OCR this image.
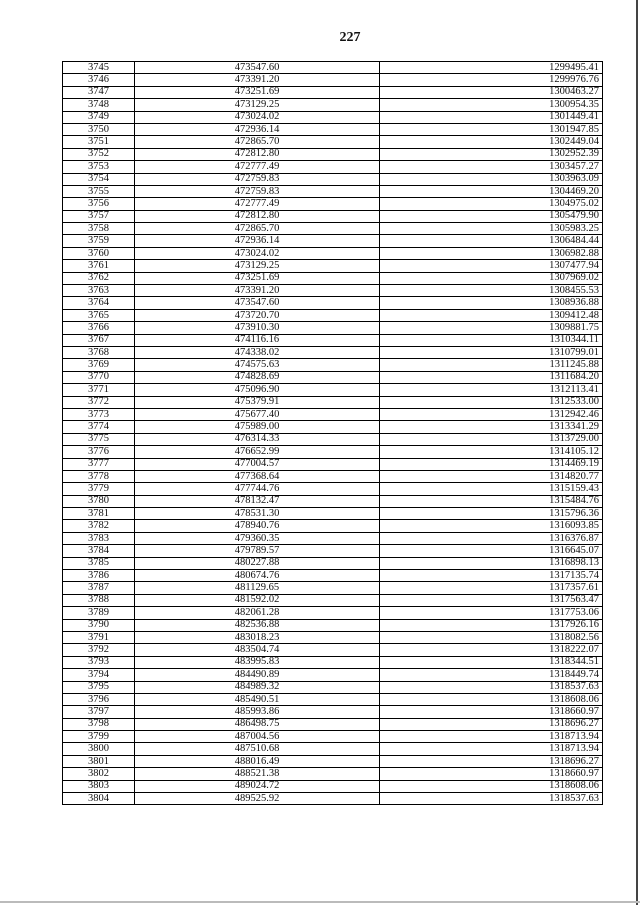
227
3745	473547.60	1299495.41
3746	473391.20	1299976.76
3747	473251.69	1300463.27
3748	473129.25	1300954.35
3749	473024.02	1301449.41
3750	472936.14	1301947.85
3751	472865.70	1302449.04
3752	472812.80	1302952.39
3753	472777.49	1303457.27
3754	472759.83	1303963.09
3755	472759.83	1304469.20
3756	472777.49	1304975.02
3757	472812.80	1305479.90
3758	472865.70	1305983.25
3759	472936.14	1306484.44
3760	473024.02	1306982.88
3761	473129.25	1307477.94
3762	473251.69	1307969.02
3763	473391.20	1308455.53
3764	473547.60	1308936.88
3765	473720.70	1309412.48
3766	473910.30	1309881.75
3767	474116.16	1310344.11
3768	474338.02	1310799.01
3769	474575.63	1311245.88
3770	474828.69	1311684.20
3771	475096.90	1312113.41
3772	475379.91	1312533.00
3773	475677.40	1312942.46
3774	475989.00	1313341.29
3775	476314.33	1313729.00
3776	476652.99	1314105.12
3777	477004.57	1314469.19
3778	477368.64	1314820.77
3779	477744.76	1315159.43
3780	478132.47	1315484.76
3781	478531.30	1315796.36
3782	478940.76	1316093.85
3783	479360.35	1316376.87
3784	479789.57	1316645.07
3785	480227.88	1316898.13
3786	480674.76	1317135.74
3787	481129.65	1317357.61
3788	481592.02	1317563.47
3789	482061.28	1317753.06
3790	482536.88	1317926.16
3791	483018.23	1318082.56
3792	483504.74	1318222.07
3793	483995.83	1318344.51
3794	484490.89	1318449.74
3795	484989.32	1318537.63
3796	485490.51	1318608.06
3797	485993.86	1318660.97
3798	486498.75	1318696.27
3799	487004.56	1318713.94
3800	487510.68	1318713.94
3801	488016.49	1318696.27
3802	488521.38	1318660.97
3803	489024.72	1318608.06
3804	489525.92	1318537.63
